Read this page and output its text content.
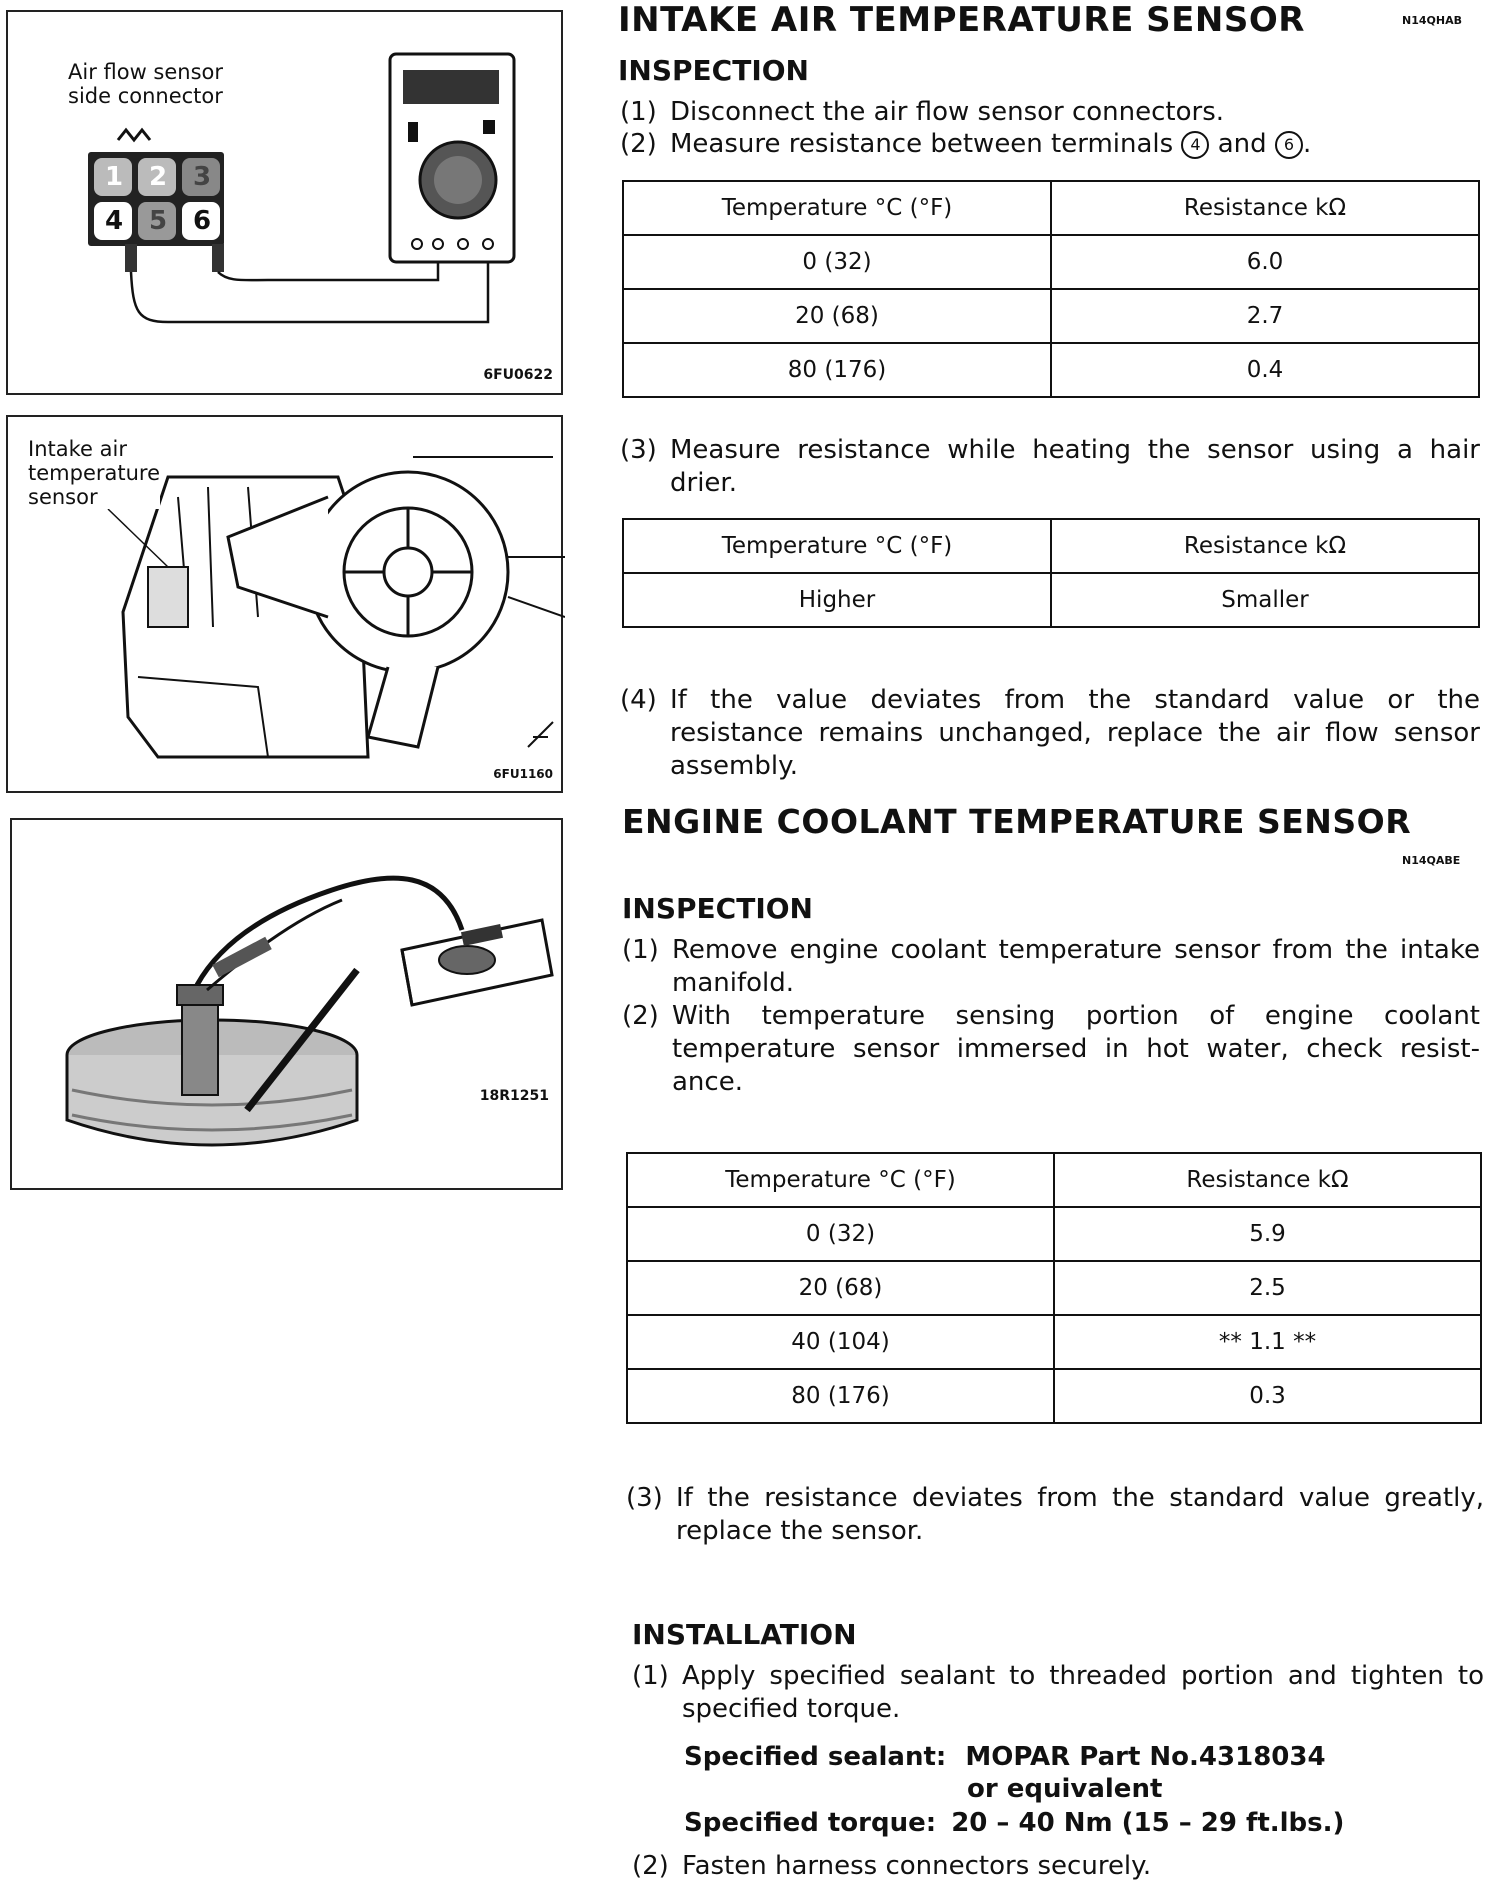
Air flow sensor
side connector
1 2 3
4 5 6
6FU0622
Intake air
temperature
sensor
6FU1160
18R1251
INTAKE AIR TEMPERATURE SENSOR	N14QHAB
INSPECTION
(1) Disconnect the air flow sensor connectors.
(2) Measure resistance between terminals 4 and 6 .
Temperature °C (°F)	Resistance kΩ
0 (32)	6.0
20 (68)	2.7
80 (176)	0.4
(3) Measure resistance while heating the sensor using a hair drier.
Temperature °C (°F)	Resistance kΩ
Higher	Smaller
(4) If the value deviates from the standard value or the resistance remains unchanged, replace the air flow sensor assembly.
ENGINE COOLANT TEMPERATURE SENSOR
N14QABE
INSPECTION
(1) Remove engine coolant temperature sensor from the intake manifold.
(2) With temperature sensing portion of engine coolant temperature sensor immersed in hot water, check resist-ance.
Temperature °C (°F)	Resistance kΩ
0 (32)	5.9
20 (68)	2.5
40 (104)	** 1.1 **
80 (176)	0.3
(3) If the resistance deviates from the standard value greatly, replace the sensor.
INSTALLATION
(1) Apply specified sealant to threaded portion and tighten to specified torque.
Specified sealant: MOPAR Part No.4318034
or equivalent
Specified torque: 20 – 40 Nm (15 – 29 ft.lbs.)
(2) Fasten harness connectors securely.
